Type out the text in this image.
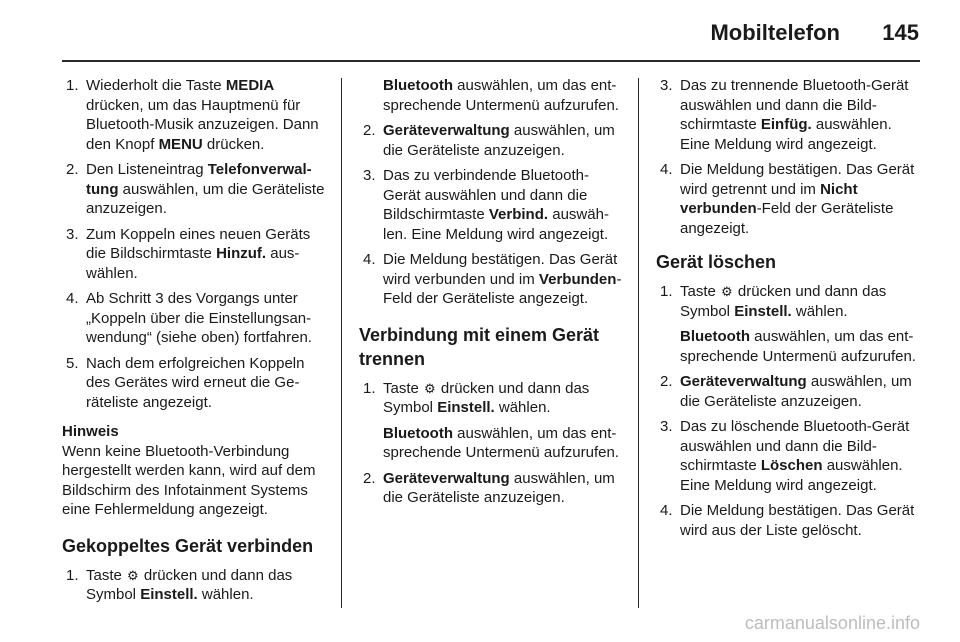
Mobiltelefon 145
1. Wiederholt die Taste MEDIA drücken, um das Hauptmenü für Bluetooth-Musik anzuzeigen. Dann den Knopf MENU drücken.
2. Den Listeneintrag Telefonverwaltung auswählen, um die Geräteliste anzuzeigen.
3. Zum Koppeln eines neuen Geräts die Bildschirmtaste Hinzuf. auswählen.
4. Ab Schritt 3 des Vorgangs unter „Koppeln über die Einstellungsanwendung“ (siehe oben) fortfahren.
5. Nach dem erfolgreichen Koppeln des Gerätes wird erneut die Geräteliste angezeigt.
Hinweis
Wenn keine Bluetooth-Verbindung hergestellt werden kann, wird auf dem Bildschirm des Infotainment Systems eine Fehlermeldung angezeigt.
Gekoppeltes Gerät verbinden
1. Taste ⚙ drücken und dann das Symbol Einstell. wählen.
Bluetooth auswählen, um das entsprechende Untermenü aufzurufen.
2. Geräteverwaltung auswählen, um die Geräteliste anzuzeigen.
3. Das zu verbindende Bluetooth-Gerät auswählen und dann die Bildschirmtaste Verbind. auswählen. Eine Meldung wird angezeigt.
4. Die Meldung bestätigen. Das Gerät wird verbunden und im Verbunden-Feld der Geräteliste angezeigt.
Verbindung mit einem Gerät trennen
1. Taste ⚙ drücken und dann das Symbol Einstell. wählen.
Bluetooth auswählen, um das entsprechende Untermenü aufzurufen.
2. Geräteverwaltung auswählen, um die Geräteliste anzuzeigen.
3. Das zu trennende Bluetooth-Gerät auswählen und dann die Bildschirmtaste Einfüg. auswählen. Eine Meldung wird angezeigt.
4. Die Meldung bestätigen. Das Gerät wird getrennt und im Nicht verbunden-Feld der Geräteliste angezeigt.
Gerät löschen
1. Taste ⚙ drücken und dann das Symbol Einstell. wählen.
Bluetooth auswählen, um das entsprechende Untermenü aufzurufen.
2. Geräteverwaltung auswählen, um die Geräteliste anzuzeigen.
3. Das zu löschende Bluetooth-Gerät auswählen und dann die Bildschirmtaste Löschen auswählen. Eine Meldung wird angezeigt.
4. Die Meldung bestätigen. Das Gerät wird aus der Liste gelöscht.
carmanualsonline.info
